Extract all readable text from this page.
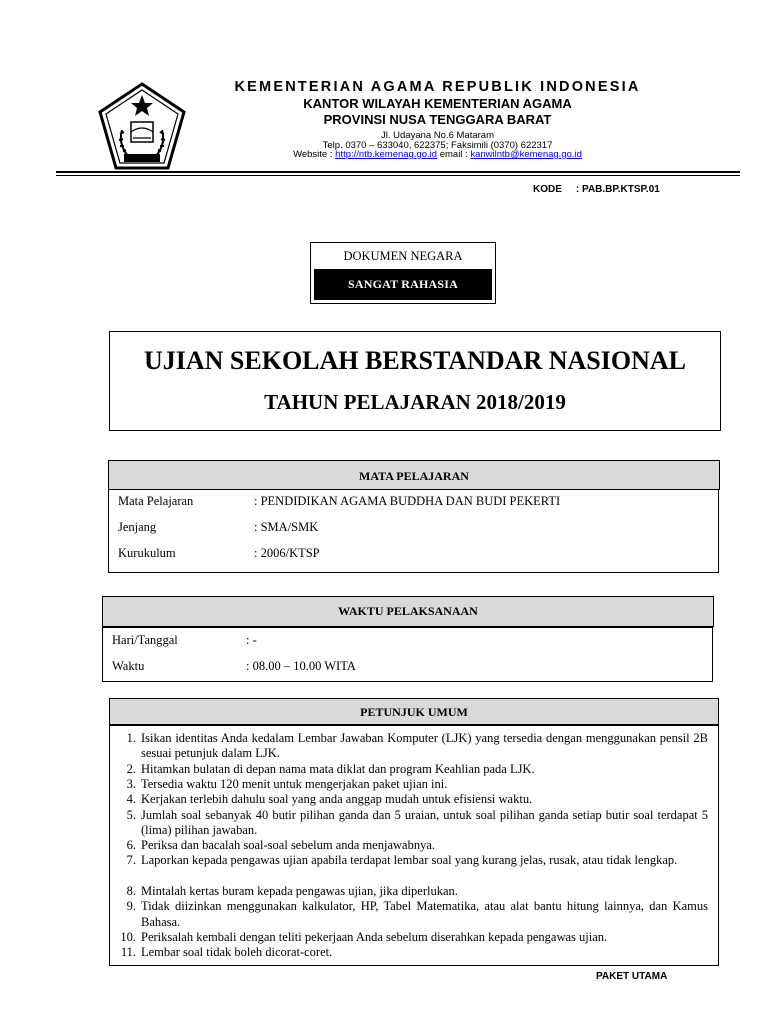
KEMENTERIAN AGAMA REPUBLIK INDONESIA
KANTOR WILAYAH KEMENTERIAN AGAMA
PROVINSI NUSA TENGGARA BARAT
Jl. Udayana No.6 Mataram
Telp. 0370 – 633040, 622375; Faksimili (0370) 622317
Website : http://ntb.kemenag.go.id email : kanwilntb@kemenag.go.id
KODE : PAB.BP.KTSP.01
DOKUMEN NEGARA
SANGAT RAHASIA
UJIAN SEKOLAH BERSTANDAR NASIONAL
TAHUN PELAJARAN 2018/2019
MATA PELAJARAN
Mata Pelajaran	: PENDIDIKAN AGAMA BUDDHA DAN BUDI PEKERTI
Jenjang	: SMA/SMK
Kurukulum	: 2006/KTSP
WAKTU PELAKSANAAN
Hari/Tanggal	: -
Waktu	: 08.00 – 10.00 WITA
PETUNJUK UMUM
1. Isikan identitas Anda kedalam Lembar Jawaban Komputer (LJK) yang tersedia dengan menggunakan pensil 2B sesuai petunjuk dalam LJK.
2. Hitamkan bulatan di depan nama mata diklat dan program Keahlian pada LJK.
3. Tersedia waktu 120 menit untuk mengerjakan paket ujian ini.
4. Kerjakan terlebih dahulu soal yang anda anggap mudah untuk efisiensi waktu.
5. Jumlah soal sebanyak 40 butir pilihan ganda dan 5 uraian, untuk soal pilihan ganda setiap butir soal terdapat 5 (lima) pilihan jawaban.
6. Periksa dan bacalah soal-soal sebelum anda menjawabnya.
7. Laporkan kepada pengawas ujian apabila terdapat lembar soal yang kurang jelas, rusak, atau tidak lengkap.
8. Mintalah kertas buram kepada pengawas ujian, jika diperlukan.
9. Tidak diizinkan menggunakan kalkulator, HP, Tabel Matematika, atau alat bantu hitung lainnya, dan Kamus Bahasa.
10. Periksalah kembali dengan teliti pekerjaan Anda sebelum diserahkan kepada pengawas ujian.
11. Lembar soal tidak boleh dicorat-coret.
PAKET UTAMA
